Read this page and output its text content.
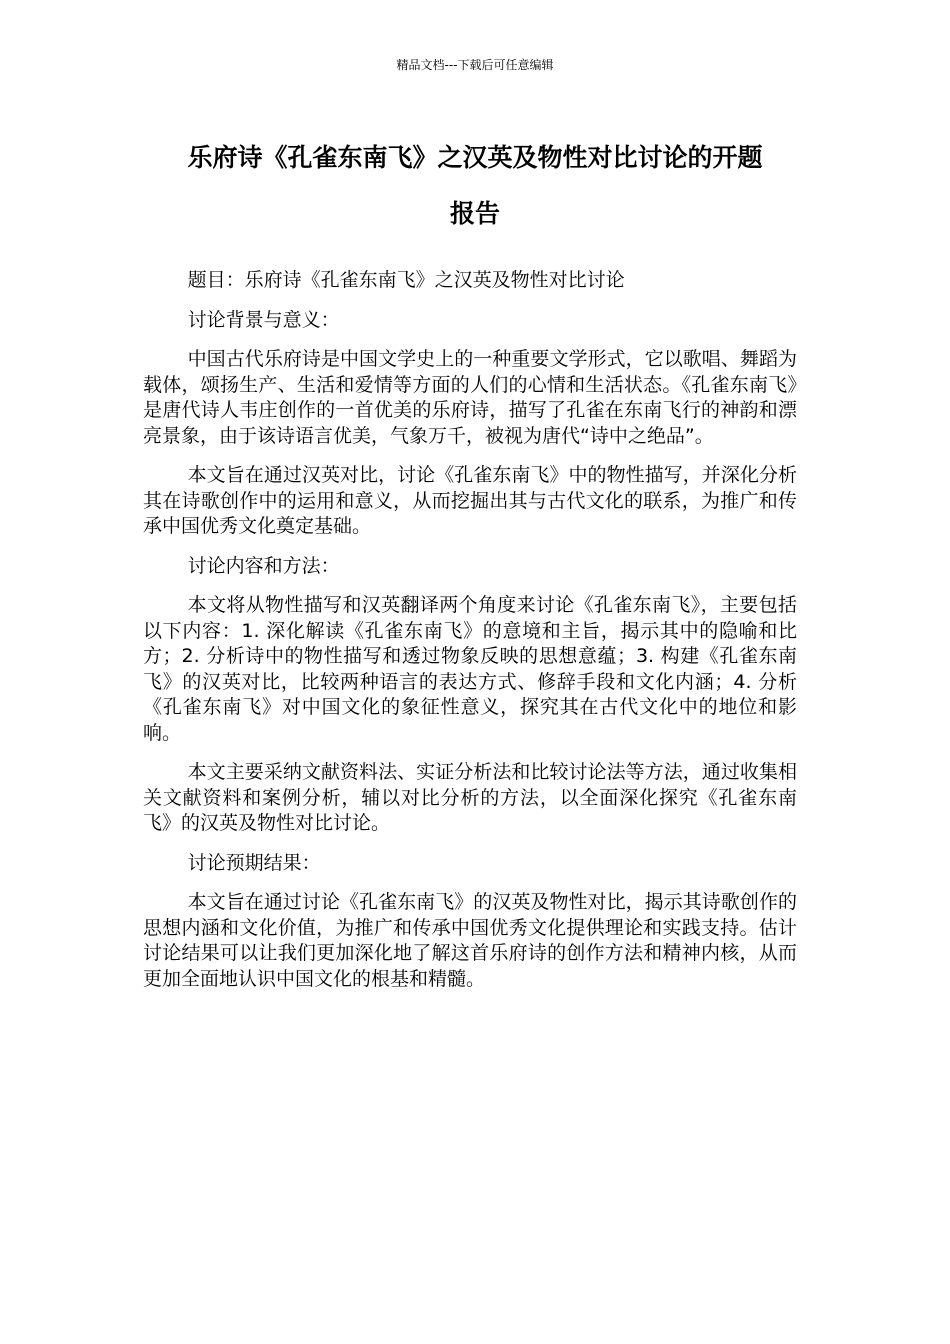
精品文档---下载后可任意编辑
乐府诗《孔雀东南飞》之汉英及物性对比讨论的开题
报告

题目：乐府诗《孔雀东南飞》之汉英及物性对比讨论

讨论背景与意义：

中国古代乐府诗是中国文学史上的一种重要文学形式，它以歌唱、舞蹈为载体，颂扬生产、生活和爱情等方面的人们的心情和生活状态。《孔雀东南飞》是唐代诗人韦庄创作的一首优美的乐府诗，描写了孔雀在东南飞行的神韵和漂亮景象，由于该诗语言优美，气象万千，被视为唐代“诗中之绝品”。

本文旨在通过汉英对比，讨论《孔雀东南飞》中的物性描写，并深化分析其在诗歌创作中的运用和意义，从而挖掘出其与古代文化的联系，为推广和传承中国优秀文化奠定基础。

讨论内容和方法：

本文将从物性描写和汉英翻译两个角度来讨论《孔雀东南飞》，主要包括以下内容：1. 深化解读《孔雀东南飞》的意境和主旨，揭示其中的隐喻和比方；2. 分析诗中的物性描写和透过物象反映的思想意蕴；3. 构建《孔雀东南飞》的汉英对比，比较两种语言的表达方式、修辞手段和文化内涵；4. 分析《孔雀东南飞》对中国文化的象征性意义，探究其在古代文化中的地位和影响。

本文主要采纳文献资料法、实证分析法和比较讨论法等方法，通过收集相关文献资料和案例分析，辅以对比分析的方法，以全面深化探究《孔雀东南飞》的汉英及物性对比讨论。

讨论预期结果：

本文旨在通过讨论《孔雀东南飞》的汉英及物性对比，揭示其诗歌创作的思想内涵和文化价值，为推广和传承中国优秀文化提供理论和实践支持。估计讨论结果可以让我们更加深化地了解这首乐府诗的创作方法和精神内核，从而更加全面地认识中国文化的根基和精髓。
